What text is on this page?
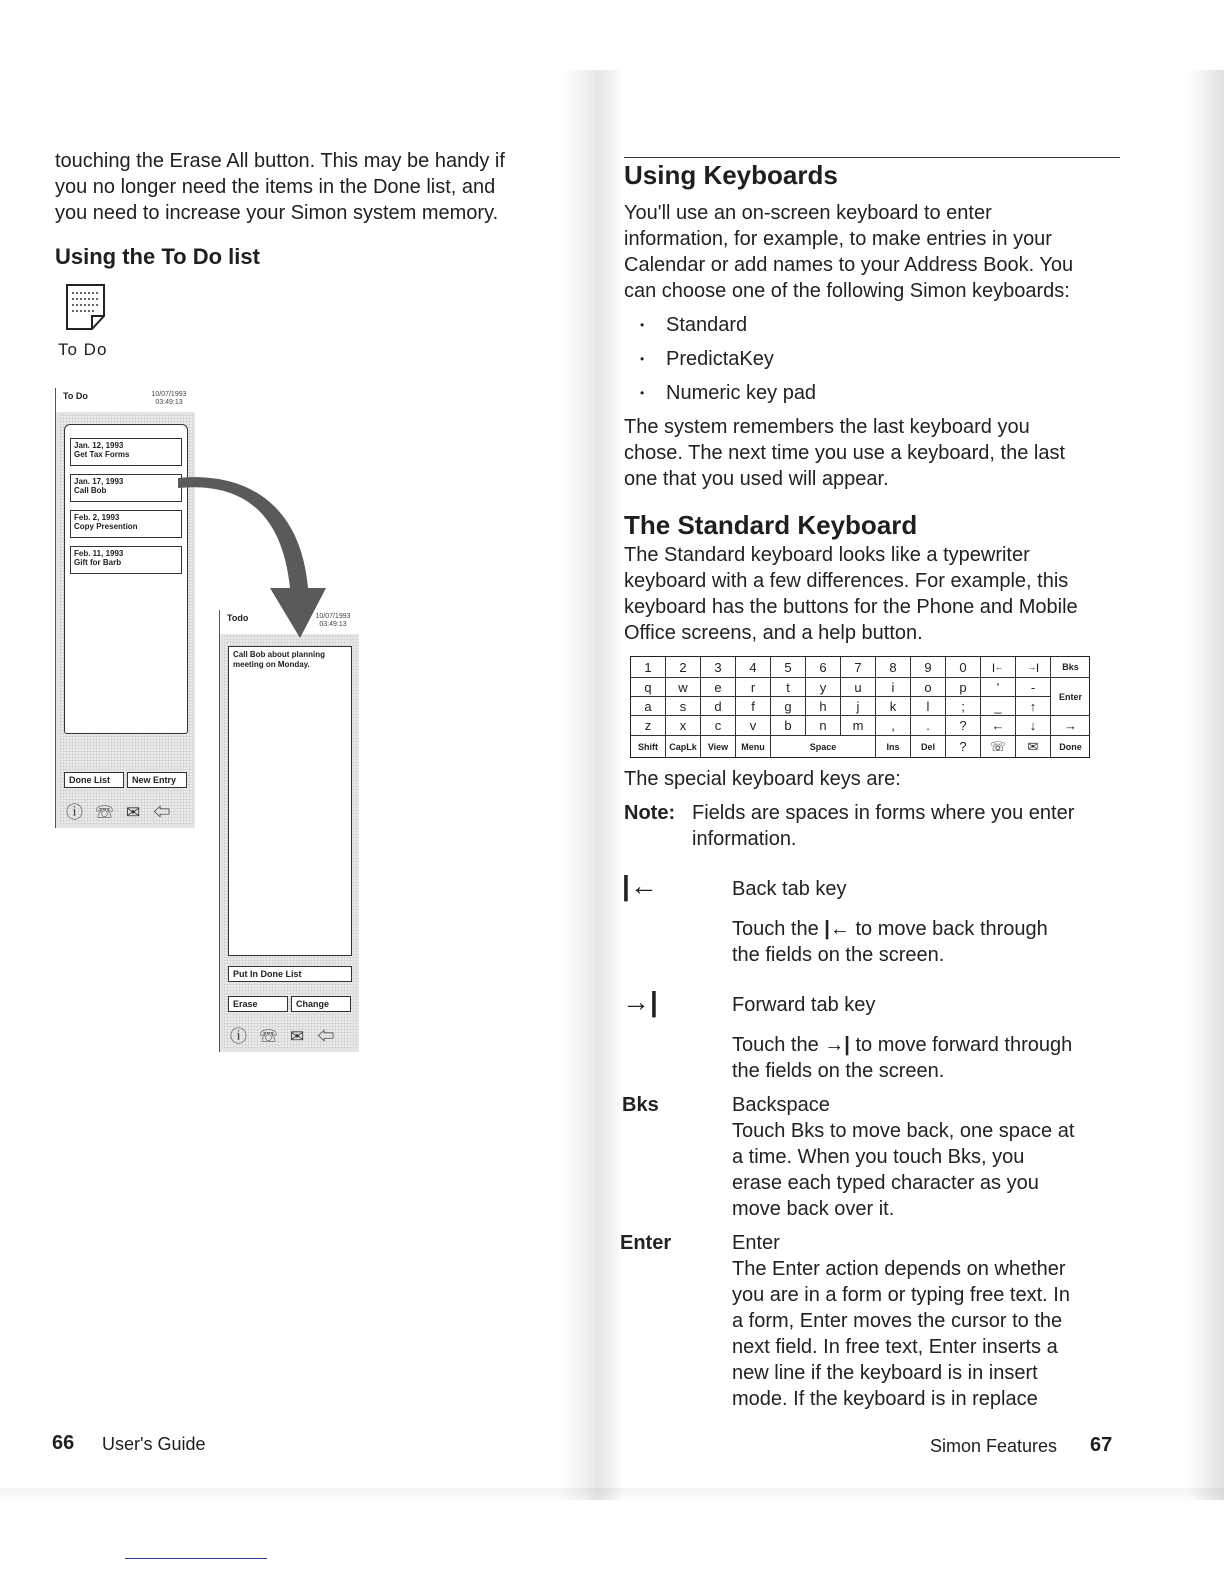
touching the Erase All button. This may be handy if
you no longer need the items in the Done list, and
you need to increase your Simon system memory.
Using the To Do list
To Do
To Do	10/07/1993
03:49:13
Jan. 12, 1993
Get Tax Forms
Jan. 17, 1993
Call Bob
Feb. 2, 1993
Copy Presention
Feb. 11, 1993
Gift for Barb
Done List	New Entry
ⓘ☏✉⇦
Todo	10/07/1993
03:49:13
Call Bob about planning meeting on Monday.
Put In Done List
Erase	Change
ⓘ☏✉⇦
66 User's Guide
Using Keyboards
You'll use an on-screen keyboard to enter
information, for example, to make entries in your
Calendar or add names to your Address Book. You
can choose one of the following Simon keyboards:
• Standard
• PredictaKey
• Numeric key pad
The system remembers the last keyboard you
chose. The next time you use a keyboard, the last
one that you used will appear.
The Standard Keyboard
The Standard keyboard looks like a typewriter
keyboard with a few differences. For example, this
keyboard has the buttons for the Phone and Mobile
Office screens, and a help button.
1	2	3	4	5	6	7	8	9	0	|←	→|	Bks
q	w	e	r	t	y	u	i	o	p	'	-
Enter
a	s	d	f	g	h	j	k	l	;	_	↑
z	x	c	v	b	n	m	,	.	?	←	↓	→
Shift	CapLk	View	Menu	Space	Ins	Del	?	☏	✉	Done
The special keyboard keys are:
Note: Fields are spaces in forms where you enter
information.
|←	Back tab key
Touch the |← to move back through
the fields on the screen.
→|	Forward tab key
Touch the →| to move forward through
the fields on the screen.
Bks	Backspace
Touch Bks to move back, one space at
a time. When you touch Bks, you
erase each typed character as you
move back over it.
Enter	Enter
The Enter action depends on whether
you are in a form or typing free text. In
a form, Enter moves the cursor to the
next field. In free text, Enter inserts a
new line if the keyboard is in insert
mode. If the keyboard is in replace
Simon Features 67
